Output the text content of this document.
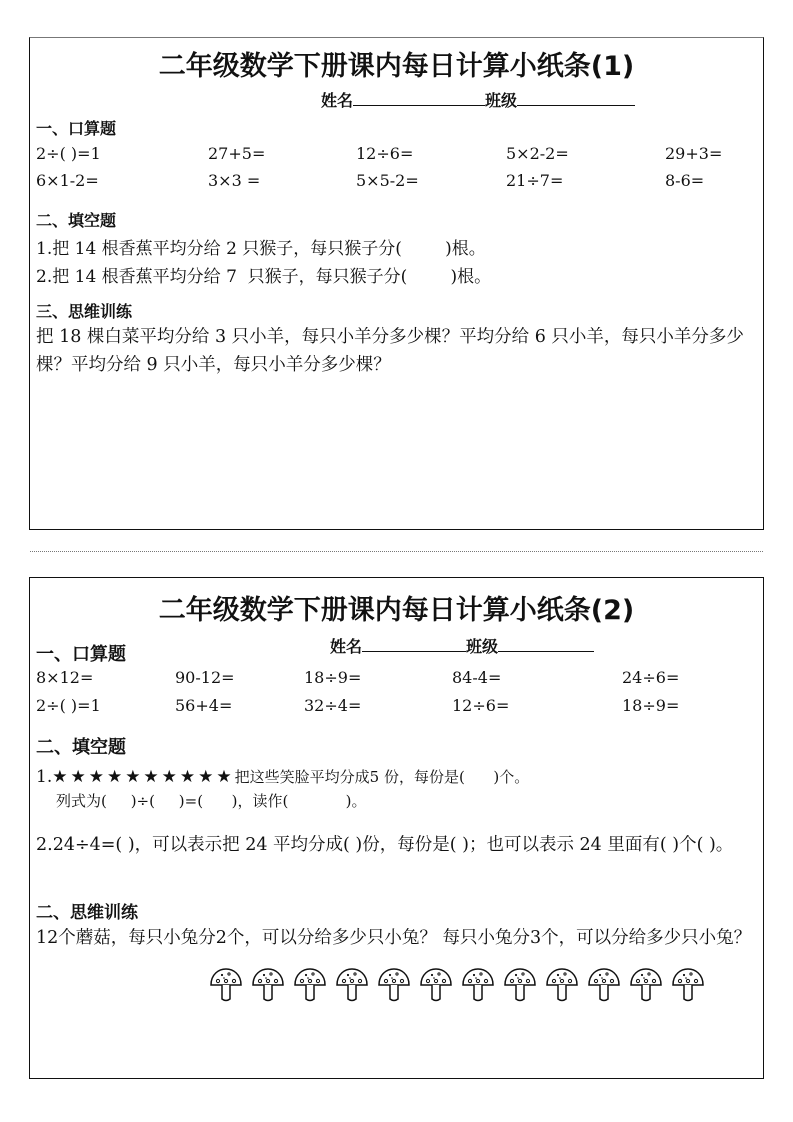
二年级数学下册课内每日计算小纸条(1)
姓名	班级
一、口算题
2÷( )=1	27+5=	12÷6=	5×2-2=	29+3=
6×1-2=	3×3 =	5×5-2=	21÷7=	8-6=
二、填空题
1.把 14 根香蕉平均分给 2 只猴子，每只猴子分(        )根。
2.把 14 根香蕉平均分给 7  只猴子，每只猴子分(        )根。
三、思维训练
把 18 棵白菜平均分给 3 只小羊，每只小羊分多少棵？平均分给 6 只小羊，每只小羊分多少棵？平均分给 9 只小羊，每只小羊分多少棵？
二年级数学下册课内每日计算小纸条(2)
姓名	班级
一、口算题
8×12=	90-12=	18÷9=	84-4=	24÷6=
2÷( )=1	56+4=	32÷4=	12÷6=	18÷9=
二、填空题
1.★★★★★★★★★★把这些笑脸平均分成5 份，每份是(      )个。
列式为(     )÷(     )=(      )，读作(            )。
2.24÷4=( )，可以表示把 24 平均分成( )份，每份是( )；也可以表示 24 里面有( )个( )。
二、思维训练
12个蘑菇，每只小兔分2个，可以分给多少只小兔？ 每只小兔分3个，可以分给多少只小兔？
